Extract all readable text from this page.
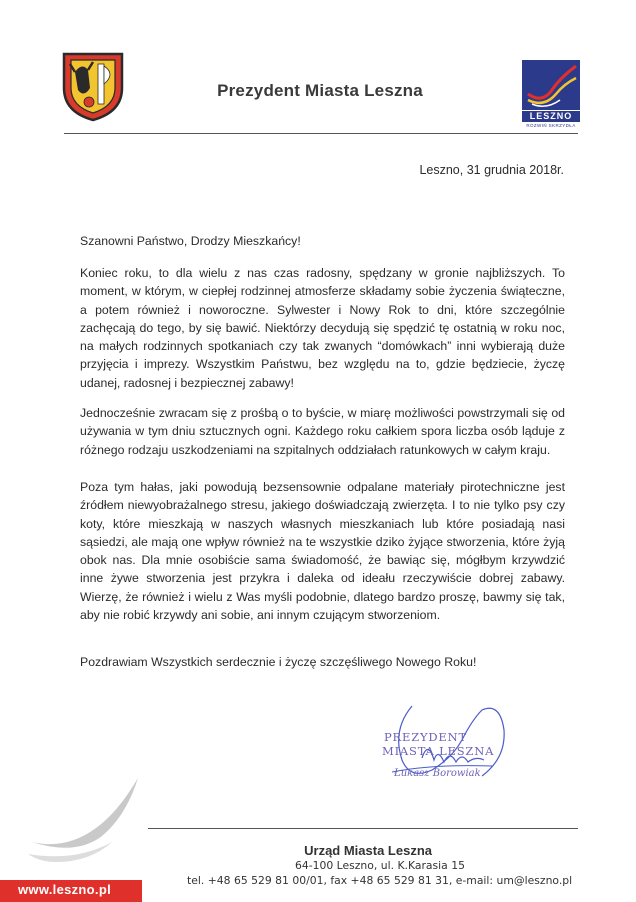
Prezydent Miasta Leszna
LESZNO
ROZWIŃ SKRZYDŁA
Leszno, 31 grudnia 2018r.
Szanowni Państwo, Drodzy Mieszkańcy!
Koniec roku, to dla wielu z nas czas radosny, spędzany w gronie najbliższych. To moment, w którym, w ciepłej rodzinnej atmosferze składamy sobie życzenia świąteczne, a potem również i noworoczne. Sylwester i Nowy Rok to dni, które szczególnie zachęcają do tego, by się bawić. Niektórzy decydują się spędzić tę ostatnią w roku noc, na małych rodzinnych spotkaniach czy tak zwanych “domówkach” inni wybierają duże przyjęcia i imprezy. Wszystkim Państwu, bez względu na to, gdzie będziecie, życzę udanej, radosnej i bezpiecznej zabawy!
Jednocześnie zwracam się z prośbą o to byście, w miarę możliwości powstrzymali się od używania w tym dniu sztucznych ogni. Każdego roku całkiem spora liczba osób ląduje z różnego rodzaju uszkodzeniami na szpitalnych oddziałach ratunkowych w całym kraju.
Poza tym hałas, jaki powodują bezsensownie odpalane materiały pirotechniczne jest źródłem niewyobrażalnego stresu, jakiego doświadczają zwierzęta. I to nie tylko psy czy koty, które mieszkają w naszych własnych mieszkaniach lub które posiadają nasi sąsiedzi, ale mają one wpływ również na te wszystkie dziko żyjące stworzenia, które żyją obok nas. Dla mnie osobiście sama świadomość, że bawiąc się, mógłbym krzywdzić inne żywe stworzenia jest przykra i daleka od ideału rzeczywiście dobrej zabawy. Wierzę, że również i wielu z Was myśli podobnie, dlatego bardzo proszę, bawmy się tak, aby nie robić krzywdy ani sobie, ani innym czującym stworzeniom.
Pozdrawiam Wszystkich serdecznie i życzę szczęśliwego Nowego Roku!
PREZYDENT
MIASTA LESZNA
Łukasz Borowiak
Urząd Miasta Leszna
64-100 Leszno, ul. K.Karasia 15
tel. +48 65 529 81 00/01, fax +48 65 529 81 31, e-mail: um@leszno.pl
www.leszno.pl
